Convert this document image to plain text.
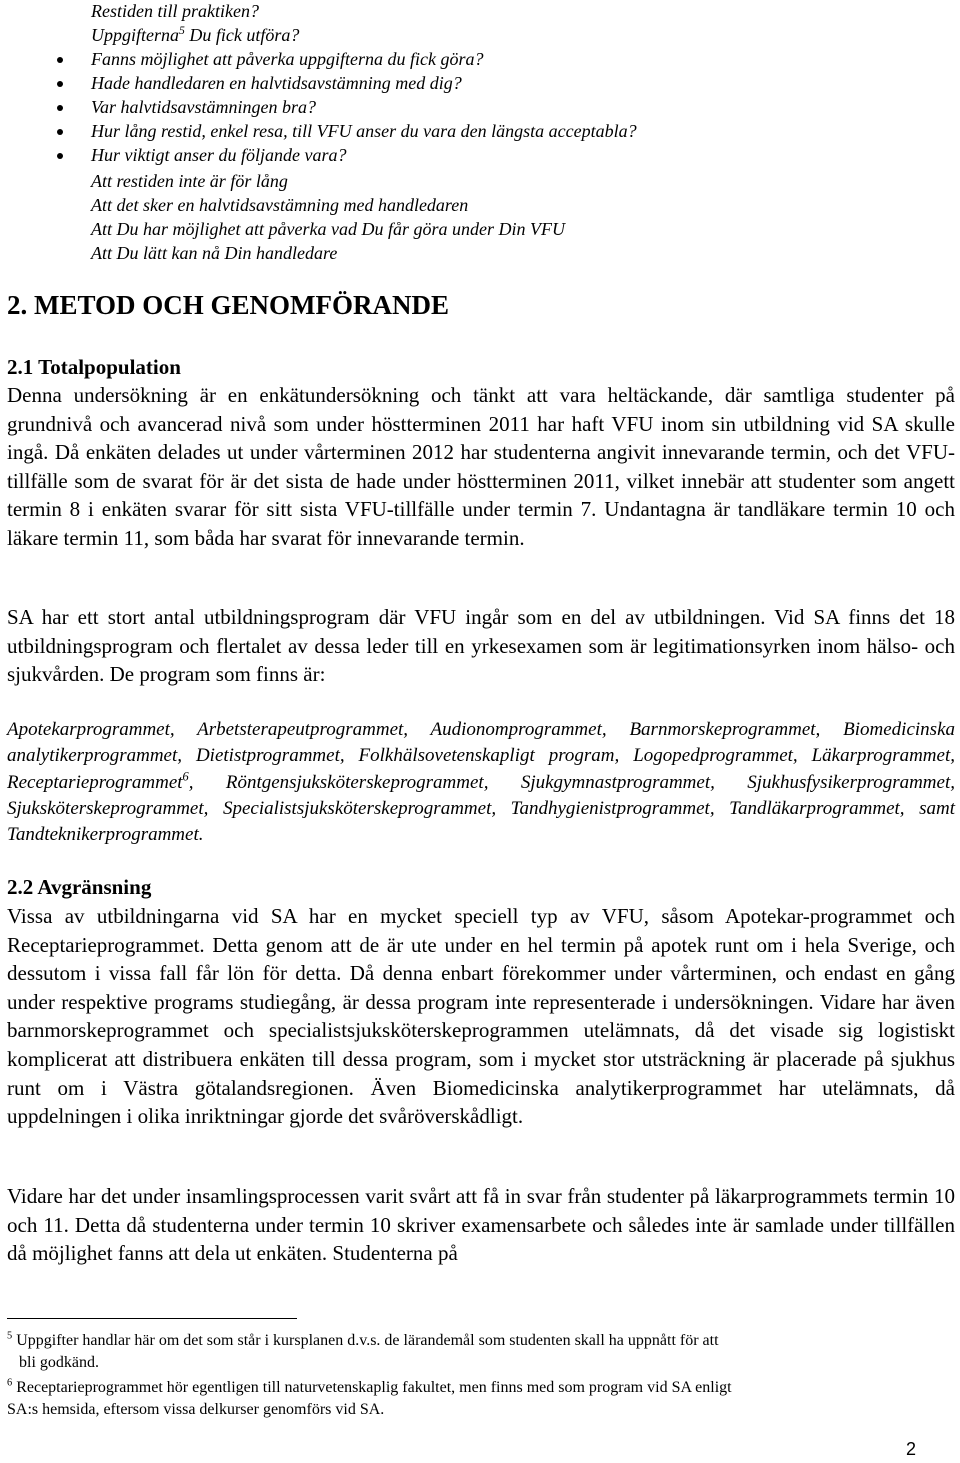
Restiden till praktiken?
Uppgifterna$^5$ Du fick utföra?
Fanns möjlighet att påverka uppgifterna du fick göra?
Hade handledaren en halvtidsavstämning med dig?
Var halvtidsavstämningen bra?
Hur lång restid, enkel resa, till VFU anser du vara den längsta acceptabla?
Hur viktigt anser du följande vara?
Att restiden inte är för lång
Att det sker en halvtidsavstämning med handledaren
Att Du har möjlighet att påverka vad Du får göra under Din VFU
Att Du lätt kan nå Din handledare
2. METOD OCH GENOMFÖRANDE
2.1 Totalpopulation
Denna undersökning är en enkätundersökning och tänkt att vara heltäckande, där samtliga studenter på grundnivå och avancerad nivå som under höstterminen 2011 har haft VFU inom sin utbildning vid SA skulle ingå. Då enkäten delades ut under vårterminen 2012 har studenterna angivit innevarande termin, och det VFU-tillfälle som de svarat för är det sista de hade under höstterminen 2011, vilket innebär att studenter som angett termin 8 i enkäten svarar för sitt sista VFU-tillfälle under termin 7. Undantagna är tandläkare termin 10 och läkare termin 11, som båda har svarat för innevarande termin.
SA har ett stort antal utbildningsprogram där VFU ingår som en del av utbildningen. Vid SA finns det 18 utbildningsprogram och flertalet av dessa leder till en yrkesexamen som är legitimationsyrken inom hälso- och sjukvården. De program som finns är:
Apotekarprogrammet, Arbetsterapeutprogrammet, Audionomprogrammet, Barnmorskeprogrammet, Biomedicinska analytikerprogrammet, Dietistprogrammet, Folkhälsovetenskapligt program, Logopedprogrammet, Läkarprogrammet, Receptarieprogrammet$^6$, Röntgensjuksköterskeprogrammet, Sjukgymnastprogrammet, Sjukhusfysikerprogrammet, Sjuksköterskeprogrammet, Specialistsjuksköterskeprogrammet, Tandhygienistprogrammet, Tandläkarprogrammet, samt Tandteknikerprogrammet.
2.2 Avgränsning
Vissa av utbildningarna vid SA har en mycket speciell typ av VFU, såsom Apotekar-programmet och Receptarieprogrammet. Detta genom att de är ute under en hel termin på apotek runt om i hela Sverige, och dessutom i vissa fall får lön för detta. Då denna enbart förekommer under vårterminen, och endast en gång under respektive programs studiegång, är dessa program inte representerade i undersökningen. Vidare har även barnmorskeprogrammet och specialistsjuksköterskeprogrammen utelämnats, då det visade sig logistiskt komplicerat att distribuera enkäten till dessa program, som i mycket stor utsträckning är placerade på sjukhus runt om i Västra götalandsregionen. Även Biomedicinska analytikerprogrammet har utelämnats, då uppdelningen i olika inriktningar gjorde det svåröverskådligt.
Vidare har det under insamlingsprocessen varit svårt att få in svar från studenter på läkarprogrammets termin 10 och 11. Detta då studenterna under termin 10 skriver examensarbete och således inte är samlade under tillfällen då möjlighet fanns att dela ut enkäten. Studenterna på
$^5$ Uppgifter handlar här om det som står i kursplanen d.v.s. de lärandemål som studenten skall ha uppnått för att
bli godkänd.
$^6$ Receptarieprogrammet hör egentligen till naturvetenskaplig fakultet, men finns med som program vid SA enligt
SA:s hemsida, eftersom vissa delkurser genomförs vid SA.
2
